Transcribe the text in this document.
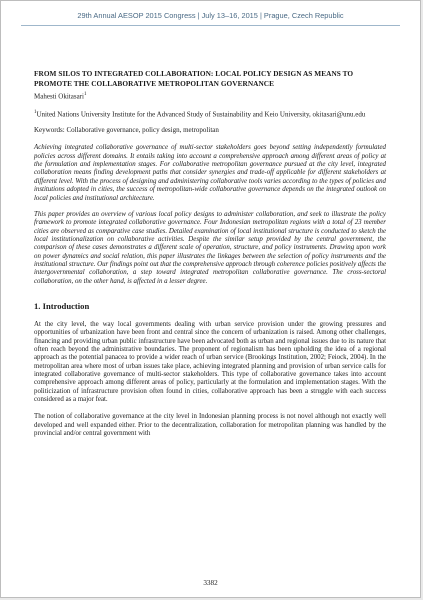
29th Annual AESOP 2015 Congress | July 13–16, 2015 | Prague, Czech Republic
FROM SILOS TO INTEGRATED COLLABORATION: LOCAL POLICY DESIGN AS MEANS TO PROMOTE THE COLLABORATIVE METROPOLITAN GOVERNANCE
Mahesti Okitasari$^1$
$^1$United Nations University Institute for the Advanced Study of Sustainability and Keio University, okitasari@unu.edu
Keywords: Collaborative governance, policy design, metropolitan

Achieving integrated collaborative governance of multi-sector stakeholders goes beyond setting independently formulated policies across different domains. It entails taking into account a comprehensive approach among different areas of policy at the formulation and implementation stages. For collaborative metropolitan governance pursued at the city level, integrated collaboration means finding development paths that consider synergies and trade-off applicable for different stakeholders at different level. With the process of designing and administering collaborative tools varies according to the types of policies and institutions adopted in cities, the success of metropolitan-wide collaborative governance depends on the integrated outlook on local policies and institutional architecture.

This paper provides an overview of various local policy designs to administer collaboration, and seek to illustrate the policy framework to promote integrated collaborative governance. Four Indonesian metropolitan regions with a total of 23 member cities are observed as comparative case studies. Detailed examination of local institutional structure is conducted to sketch the local institutionalization on collaborative activities. Despite the similar setup provided by the central government, the comparison of these cases demonstrates a different scale of operation, structure, and policy instruments. Drawing upon work on power dynamics and social relation, this paper illustrates the linkages between the selection of policy instruments and the institutional structure. Our findings point out that the comprehensive approach through coherence policies positively affects the intergovernmental collaboration, a step toward integrated metropolitan collaborative governance. The cross-sectoral collaboration, on the other hand, is affected in a lesser degree.

1. Introduction

At the city level, the way local governments dealing with urban service provision under the growing pressures and opportunities of urbanization have been front and central since the concern of urbanization is raised. Among other challenges, financing and providing urban public infrastructure have been advocated both as urban and regional issues due to its nature that often reach beyond the administrative boundaries. The proponent of regionalism has been upholding the idea of a regional approach as the potential panacea to provide a wider reach of urban service (Brookings Institution, 2002; Feiock, 2004). In the metropolitan area where most of urban issues take place, achieving integrated planning and provision of urban service calls for integrated collaborative governance of multi-sector stakeholders. This type of collaborative governance takes into account comprehensive approach among different areas of policy, particularly at the formulation and implementation stages. With the politicization of infrastructure provision often found in cities, collaborative approach has been a struggle with each success considered as a major feat.

The notion of collaborative governance at the city level in Indonesian planning process is not novel although not exactly well developed and well expanded either. Prior to the decentralization, collaboration for metropolitan planning was handled by the provincial and/or central government with

3382
